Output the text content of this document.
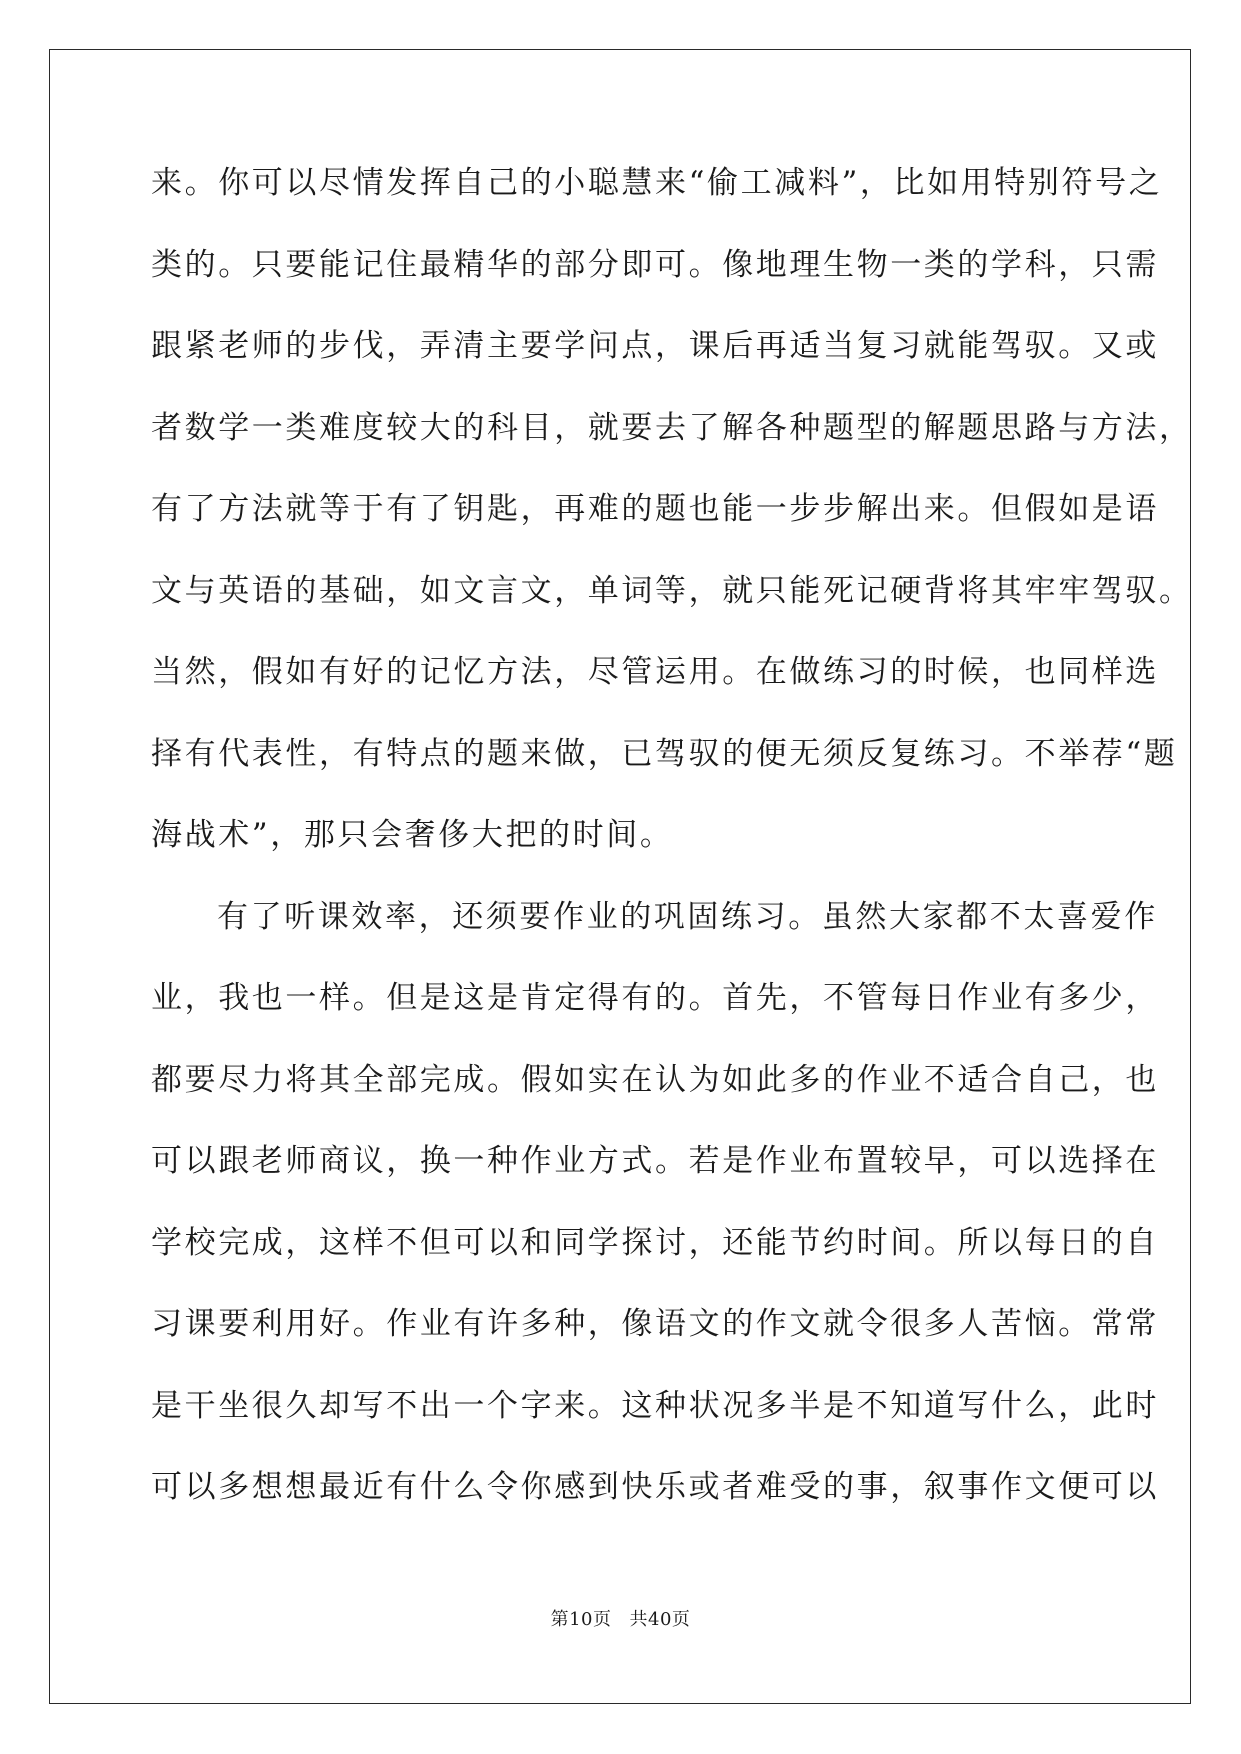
来。你可以尽情发挥自己的小聪慧来“偷工减料”，比如用特别符号之
类的。只要能记住最精华的部分即可。像地理生物一类的学科，只需
跟紧老师的步伐，弄清主要学问点，课后再适当复习就能驾驭。又或
者数学一类难度较大的科目，就要去了解各种题型的解题思路与方法，
有了方法就等于有了钥匙，再难的题也能一步步解出来。但假如是语
文与英语的基础，如文言文，单词等，就只能死记硬背将其牢牢驾驭。
当然，假如有好的记忆方法，尽管运用。在做练习的时候，也同样选
择有代表性，有特点的题来做，已驾驭的便无须反复练习。不举荐“题
海战术”，那只会奢侈大把的时间。
有了听课效率，还须要作业的巩固练习。虽然大家都不太喜爱作
业，我也一样。但是这是肯定得有的。首先，不管每日作业有多少，
都要尽力将其全部完成。假如实在认为如此多的作业不适合自己，也
可以跟老师商议，换一种作业方式。若是作业布置较早，可以选择在
学校完成，这样不但可以和同学探讨，还能节约时间。所以每日的自
习课要利用好。作业有许多种，像语文的作文就令很多人苦恼。常常
是干坐很久却写不出一个字来。这种状况多半是不知道写什么，此时
可以多想想最近有什么令你感到快乐或者难受的事，叙事作文便可以
第10页 共40页
